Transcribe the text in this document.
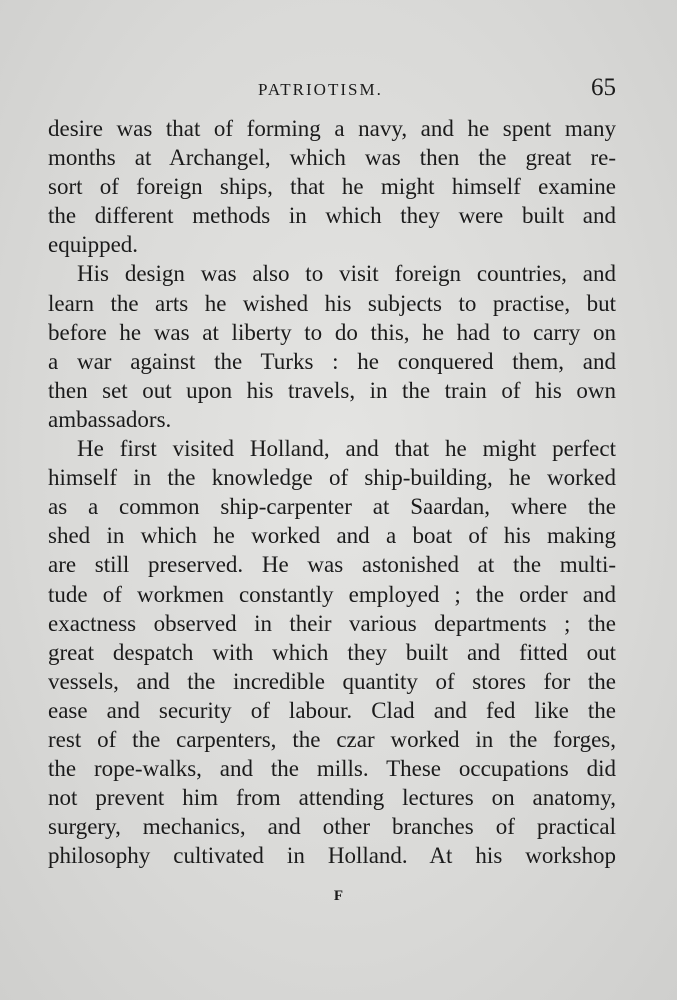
PATRIOTISM.	65
desire was that of forming a navy, and he spent many
months at Archangel, which was then the great re-
sort of foreign ships, that he might himself examine
the different methods in which they were built and
equipped.
His design was also to visit foreign countries, and
learn the arts he wished his subjects to practise, but
before he was at liberty to do this, he had to carry on
a war against the Turks : he conquered them, and
then set out upon his travels, in the train of his own
ambassadors.
He first visited Holland, and that he might perfect
himself in the knowledge of ship-building, he worked
as a common ship-carpenter at Saardan, where the
shed in which he worked and a boat of his making
are still preserved. He was astonished at the multi-
tude of workmen constantly employed ; the order and
exactness observed in their various departments ; the
great despatch with which they built and fitted out
vessels, and the incredible quantity of stores for the
ease and security of labour. Clad and fed like the
rest of the carpenters, the czar worked in the forges,
the rope-walks, and the mills. These occupations did
not prevent him from attending lectures on anatomy,
surgery, mechanics, and other branches of practical
philosophy cultivated in Holland. At his workshop
F
